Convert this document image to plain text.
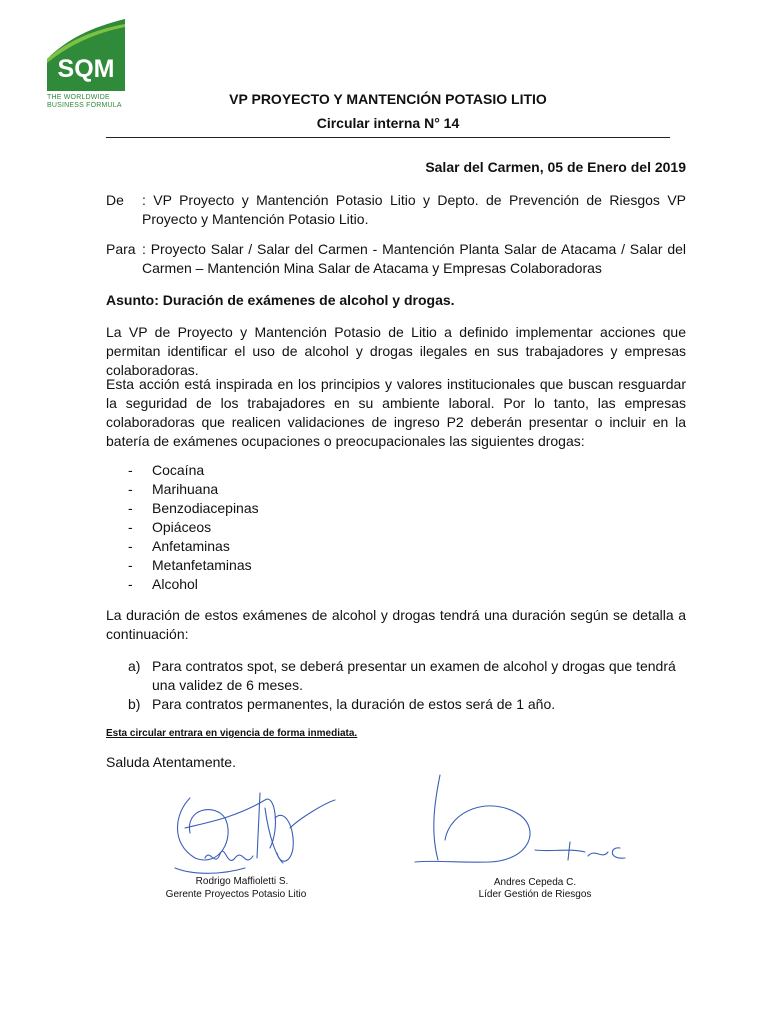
SQM
THE WORLDWIDE
BUSINESS FORMULA	VP PROYECTO Y MANTENCIÓN POTASIO LITIO
Circular interna N° 14
Salar del Carmen, 05 de Enero del 2019
De : VP Proyecto y Mantención Potasio Litio y Depto. de Prevención de Riesgos VP Proyecto y Mantención Potasio Litio.
Para : Proyecto Salar / Salar del Carmen - Mantención Planta Salar de Atacama / Salar del Carmen – Mantención Mina Salar de Atacama y Empresas Colaboradoras
Asunto: Duración de exámenes de alcohol y drogas.
La VP de Proyecto y Mantención Potasio de Litio a definido implementar acciones que permitan identificar el uso de alcohol y drogas ilegales en sus trabajadores y empresas colaboradoras.
Esta acción está inspirada en los principios y valores institucionales que buscan resguardar la seguridad de los trabajadores en su ambiente laboral. Por lo tanto, las empresas colaboradoras que realicen validaciones de ingreso P2 deberán presentar o incluir en la batería de exámenes ocupaciones o preocupacionales las siguientes drogas:
- Cocaína
- Marihuana
- Benzodiacepinas
- Opiáceos
- Anfetaminas
- Metanfetaminas
- Alcohol
La duración de estos exámenes de alcohol y drogas tendrá una duración según se detalla a continuación:
a) Para contratos spot, se deberá presentar un examen de alcohol y drogas que tendrá una validez de 6 meses.
b) Para contratos permanentes, la duración de estos será de 1 año.
Esta circular entrara en vigencia de forma inmediata.
Saluda Atentamente.
Rodrigo Maffioletti S.
Gerente Proyectos Potasio Litio
Andres Cepeda C.
Líder Gestión de Riesgos
